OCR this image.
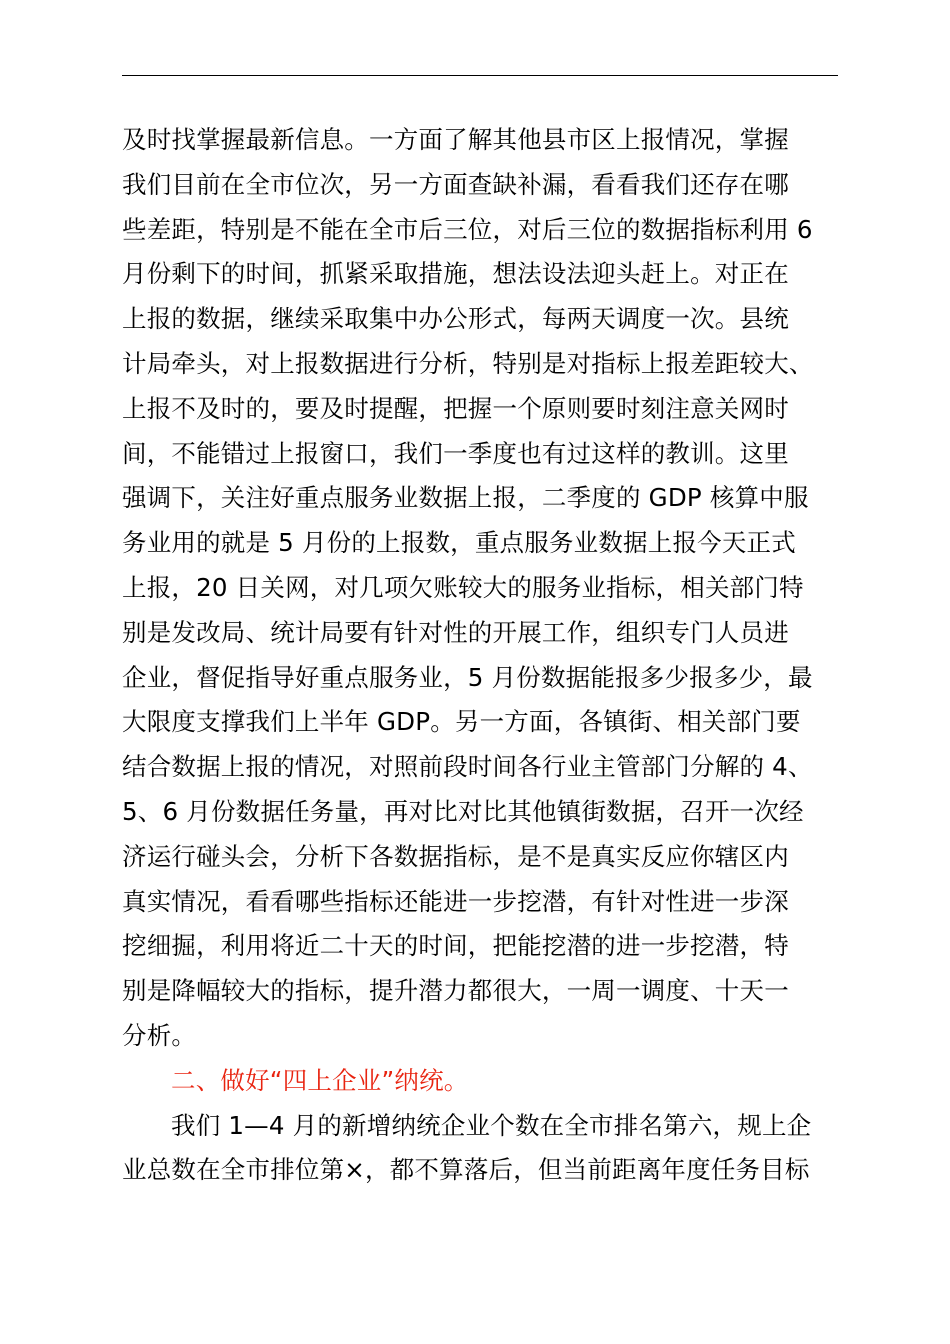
及时找掌握最新信息。一方面了解其他县市区上报情况，掌握
我们目前在全市位次，另一方面查缺补漏，看看我们还存在哪
些差距，特别是不能在全市后三位，对后三位的数据指标利用 6
月份剩下的时间，抓紧采取措施，想法设法迎头赶上。对正在
上报的数据，继续采取集中办公形式，每两天调度一次。县统
计局牵头，对上报数据进行分析，特别是对指标上报差距较大、
上报不及时的，要及时提醒，把握一个原则要时刻注意关网时
间，不能错过上报窗口，我们一季度也有过这样的教训。这里
强调下，关注好重点服务业数据上报，二季度的 GDP 核算中服
务业用的就是 5 月份的上报数，重点服务业数据上报今天正式
上报，20 日关网，对几项欠账较大的服务业指标，相关部门特
别是发改局、统计局要有针对性的开展工作，组织专门人员进
企业，督促指导好重点服务业，5 月份数据能报多少报多少，最
大限度支撑我们上半年 GDP。另一方面，各镇街、相关部门要
结合数据上报的情况，对照前段时间各行业主管部门分解的 4、
5、6 月份数据任务量，再对比对比其他镇街数据，召开一次经
济运行碰头会，分析下各数据指标，是不是真实反应你辖区内
真实情况，看看哪些指标还能进一步挖潜，有针对性进一步深
挖细掘，利用将近二十天的时间，把能挖潜的进一步挖潜，特
别是降幅较大的指标，提升潜力都很大，一周一调度、十天一
分析。
二、做好“四上企业”纳统。
我们 1—4 月的新增纳统企业个数在全市排名第六，规上企
业总数在全市排位第×，都不算落后，但当前距离年度任务目标
